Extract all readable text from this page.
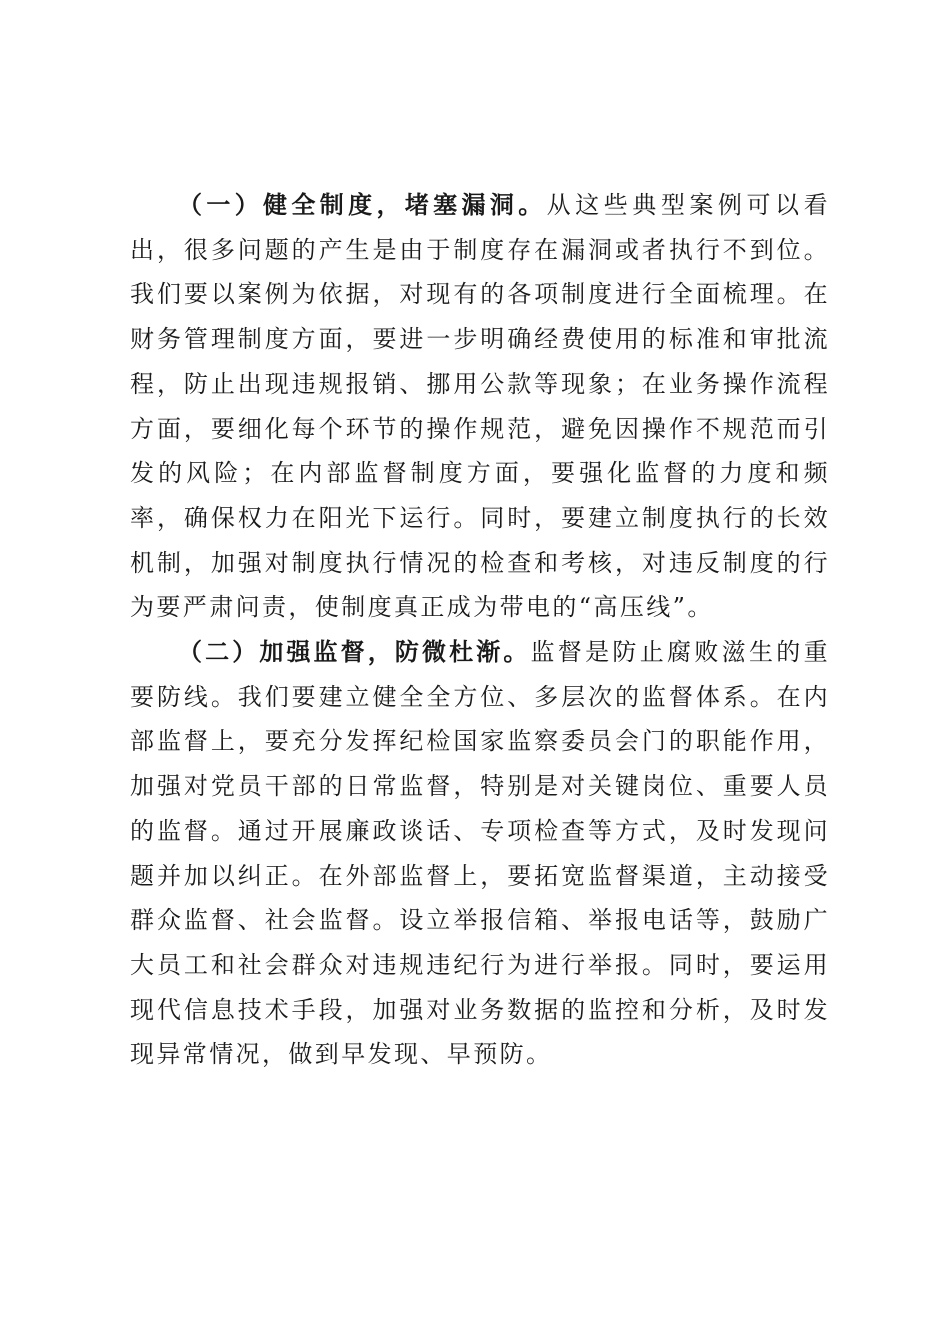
（一）健全制度，堵塞漏洞。从这些典型案例可以看出，很多问题的产生是由于制度存在漏洞或者执行不到位。我们要以案例为依据，对现有的各项制度进行全面梳理。在财务管理制度方面，要进一步明确经费使用的标准和审批流程，防止出现违规报销、挪用公款等现象；在业务操作流程方面，要细化每个环节的操作规范，避免因操作不规范而引发的风险；在内部监督制度方面，要强化监督的力度和频率，确保权力在阳光下运行。同时，要建立制度执行的长效机制，加强对制度执行情况的检查和考核，对违反制度的行为要严肃问责，使制度真正成为带电的“高压线”。

（二）加强监督，防微杜渐。监督是防止腐败滋生的重要防线。我们要建立健全全方位、多层次的监督体系。在内部监督上，要充分发挥纪检国家监察委员会门的职能作用，加强对党员干部的日常监督，特别是对关键岗位、重要人员的监督。通过开展廉政谈话、专项检查等方式，及时发现问题并加以纠正。在外部监督上，要拓宽监督渠道，主动接受群众监督、社会监督。设立举报信箱、举报电话等，鼓励广大员工和社会群众对违规违纪行为进行举报。同时，要运用现代信息技术手段，加强对业务数据的监控和分析，及时发现异常情况，做到早发现、早预防。
